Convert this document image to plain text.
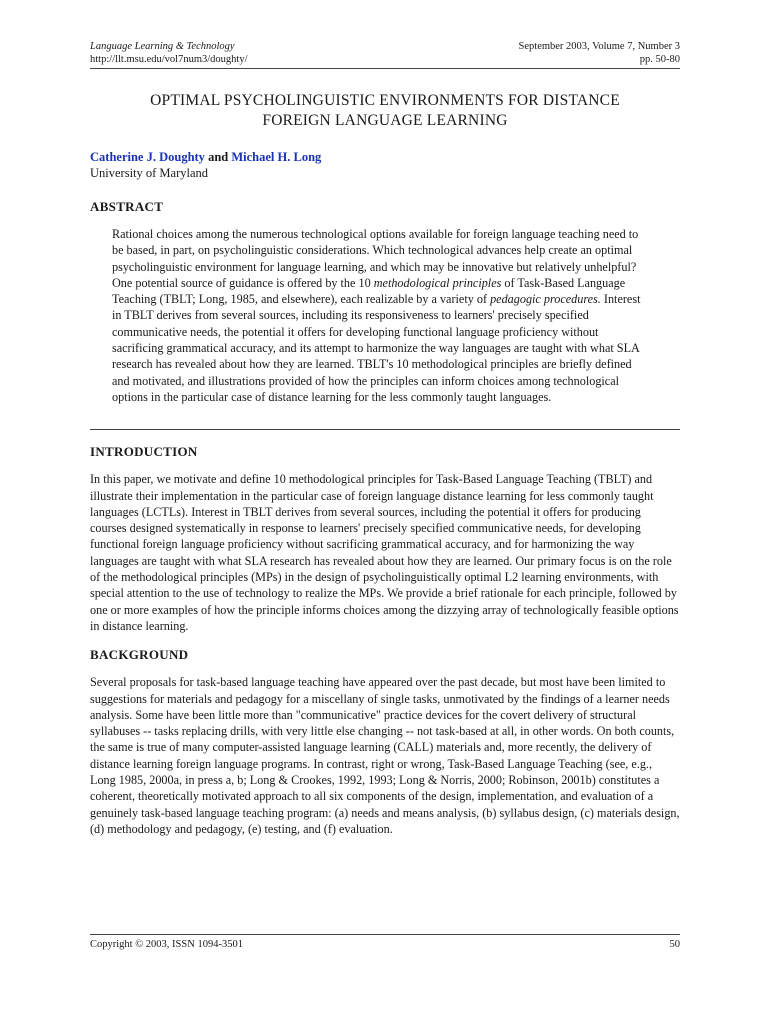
Language Learning & Technology
http://llt.msu.edu/vol7num3/doughty/
September 2003, Volume 7, Number 3
pp. 50-80
OPTIMAL PSYCHOLINGUISTIC ENVIRONMENTS FOR DISTANCE
FOREIGN LANGUAGE LEARNING
Catherine J. Doughty and Michael H. Long
University of Maryland
ABSTRACT

Rational choices among the numerous technological options available for foreign language teaching need to be based, in part, on psycholinguistic considerations. Which technological advances help create an optimal psycholinguistic environment for language learning, and which may be innovative but relatively unhelpful? One potential source of guidance is offered by the 10 methodological principles of Task-Based Language Teaching (TBLT; Long, 1985, and elsewhere), each realizable by a variety of pedagogic procedures. Interest in TBLT derives from several sources, including its responsiveness to learners' precisely specified communicative needs, the potential it offers for developing functional language proficiency without sacrificing grammatical accuracy, and its attempt to harmonize the way languages are taught with what SLA research has revealed about how they are learned. TBLT's 10 methodological principles are briefly defined and motivated, and illustrations provided of how the principles can inform choices among technological options in the particular case of distance learning for the less commonly taught languages.

INTRODUCTION

In this paper, we motivate and define 10 methodological principles for Task-Based Language Teaching (TBLT) and illustrate their implementation in the particular case of foreign language distance learning for less commonly taught languages (LCTLs). Interest in TBLT derives from several sources, including the potential it offers for producing courses designed systematically in response to learners' precisely specified communicative needs, for developing functional foreign language proficiency without sacrificing grammatical accuracy, and for harmonizing the way languages are taught with what SLA research has revealed about how they are learned. Our primary focus is on the role of the methodological principles (MPs) in the design of psycholinguistically optimal L2 learning environments, with special attention to the use of technology to realize the MPs. We provide a brief rationale for each principle, followed by one or more examples of how the principle informs choices among the dizzying array of technologically feasible options in distance learning.

BACKGROUND

Several proposals for task-based language teaching have appeared over the past decade, but most have been limited to suggestions for materials and pedagogy for a miscellany of single tasks, unmotivated by the findings of a learner needs analysis. Some have been little more than "communicative" practice devices for the covert delivery of structural syllabuses -- tasks replacing drills, with very little else changing -- not task-based at all, in other words. On both counts, the same is true of many computer-assisted language learning (CALL) materials and, more recently, the delivery of distance learning foreign language programs. In contrast, right or wrong, Task-Based Language Teaching (see, e.g., Long 1985, 2000a, in press a, b; Long & Crookes, 1992, 1993; Long & Norris, 2000; Robinson, 2001b) constitutes a coherent, theoretically motivated approach to all six components of the design, implementation, and evaluation of a genuinely task-based language teaching program: (a) needs and means analysis, (b) syllabus design, (c) materials design, (d) methodology and pedagogy, (e) testing, and (f) evaluation.

Copyright © 2003, ISSN 1094-3501	50
